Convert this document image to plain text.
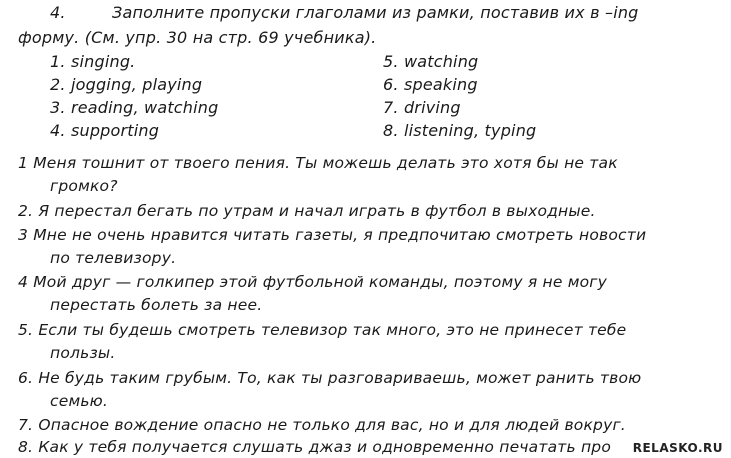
4.	Заполните пропуски глаголами из рамки, поставив их в –ing
форму. (См. упр. 30 на стр. 69 учебника).
1. singing.
2. jogging, playing
3. reading, watching
4. supporting
5. watching
6. speaking
7. driving
8. listening, typing
1 Меня тошнит от твоего пения. Ты можешь делать это хотя бы не так
громко?
2. Я перестал бегать по утрам и начал играть в футбол в выходные.
3 Мне не очень нравится читать газеты, я предпочитаю смотреть новости
по телевизору.
4 Мой друг — голкипер этой футбольной команды, поэтому я не могу
перестать болеть за нее.
5. Если ты будешь смотреть телевизор так много, это не принесет тебе
пользы.
6. Не будь таким грубым. То, как ты разговариваешь, может ранить твою
семью.
7. Опасное вождение опасно не только для вас, но и для людей вокруг.
8. Как у тебя получается слушать джаз и одновременно печатать про	RELASKO.RU
